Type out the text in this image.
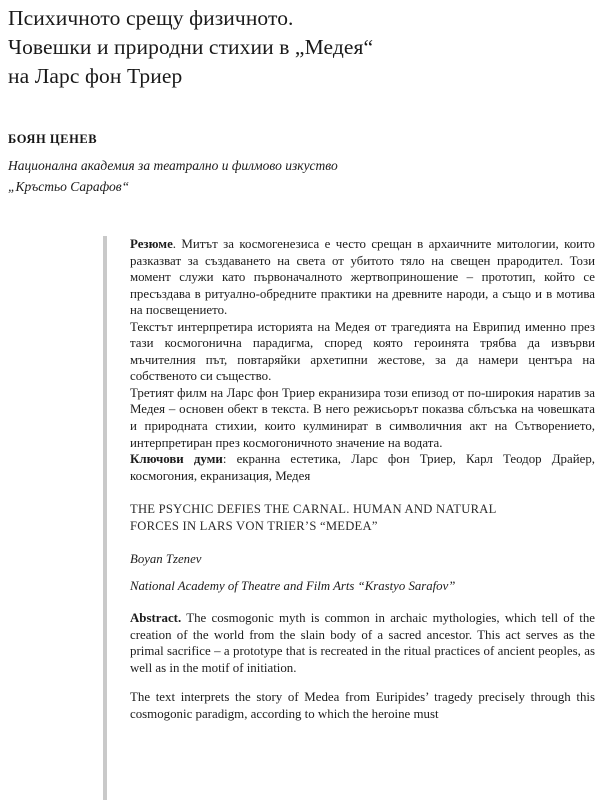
Психичното срещу физичното.
Човешки и природни стихии в „Медея“
на Ларс фон Триер
БОЯН ЦЕНЕВ
Национална академия за театрално и филмово изкуство
„Кръстьо Сарафов“

Резюме. Митът за космогенезиса е често срещан в архаичните митологии, които разказват за създаването на света от убитото тяло на свещен прародител. Този момент служи като първоначалното жертвоприношение – прототип, който се пресъздава в ритуално-обредните практики на древните народи, а също и в мотива на посвещението.

Текстът интерпретира историята на Медея от трагедията на Еврипид именно през тази космогонична парадигма, според която героинята трябва да извърви мъчителния път, повтаряйки архетипни жестове, за да намери центъра на собственото си същество.

Третият филм на Ларс фон Триер екранизира този епизод от по-широкия наратив за Медея – основен обект в текста. В него режисьорът показва сблъсъка на човешката и природната стихии, които кулминират в символичния акт на Сътворението, интерпретиран през космогоничното значение на водата.

Ключови думи: екранна естетика, Ларс фон Триер, Карл Теодор Драйер, космогония, екранизация, Медея

THE PSYCHIC DEFIES THE CARNAL. HUMAN AND NATURAL
FORCES IN LARS VON TRIER’S “MEDEA”
Boyan Tzenev
National Academy of Theatre and Film Arts “Krastyo Sarafov”

Abstract. The cosmogonic myth is common in archaic mythologies, which tell of the creation of the world from the slain body of a sacred ancestor. This act serves as the primal sacrifice – a prototype that is recreated in the ritual practices of ancient peoples, as well as in the motif of initiation.

The text interprets the story of Medea from Euripides’ tragedy precisely through this cosmogonic paradigm, according to which the heroine must
